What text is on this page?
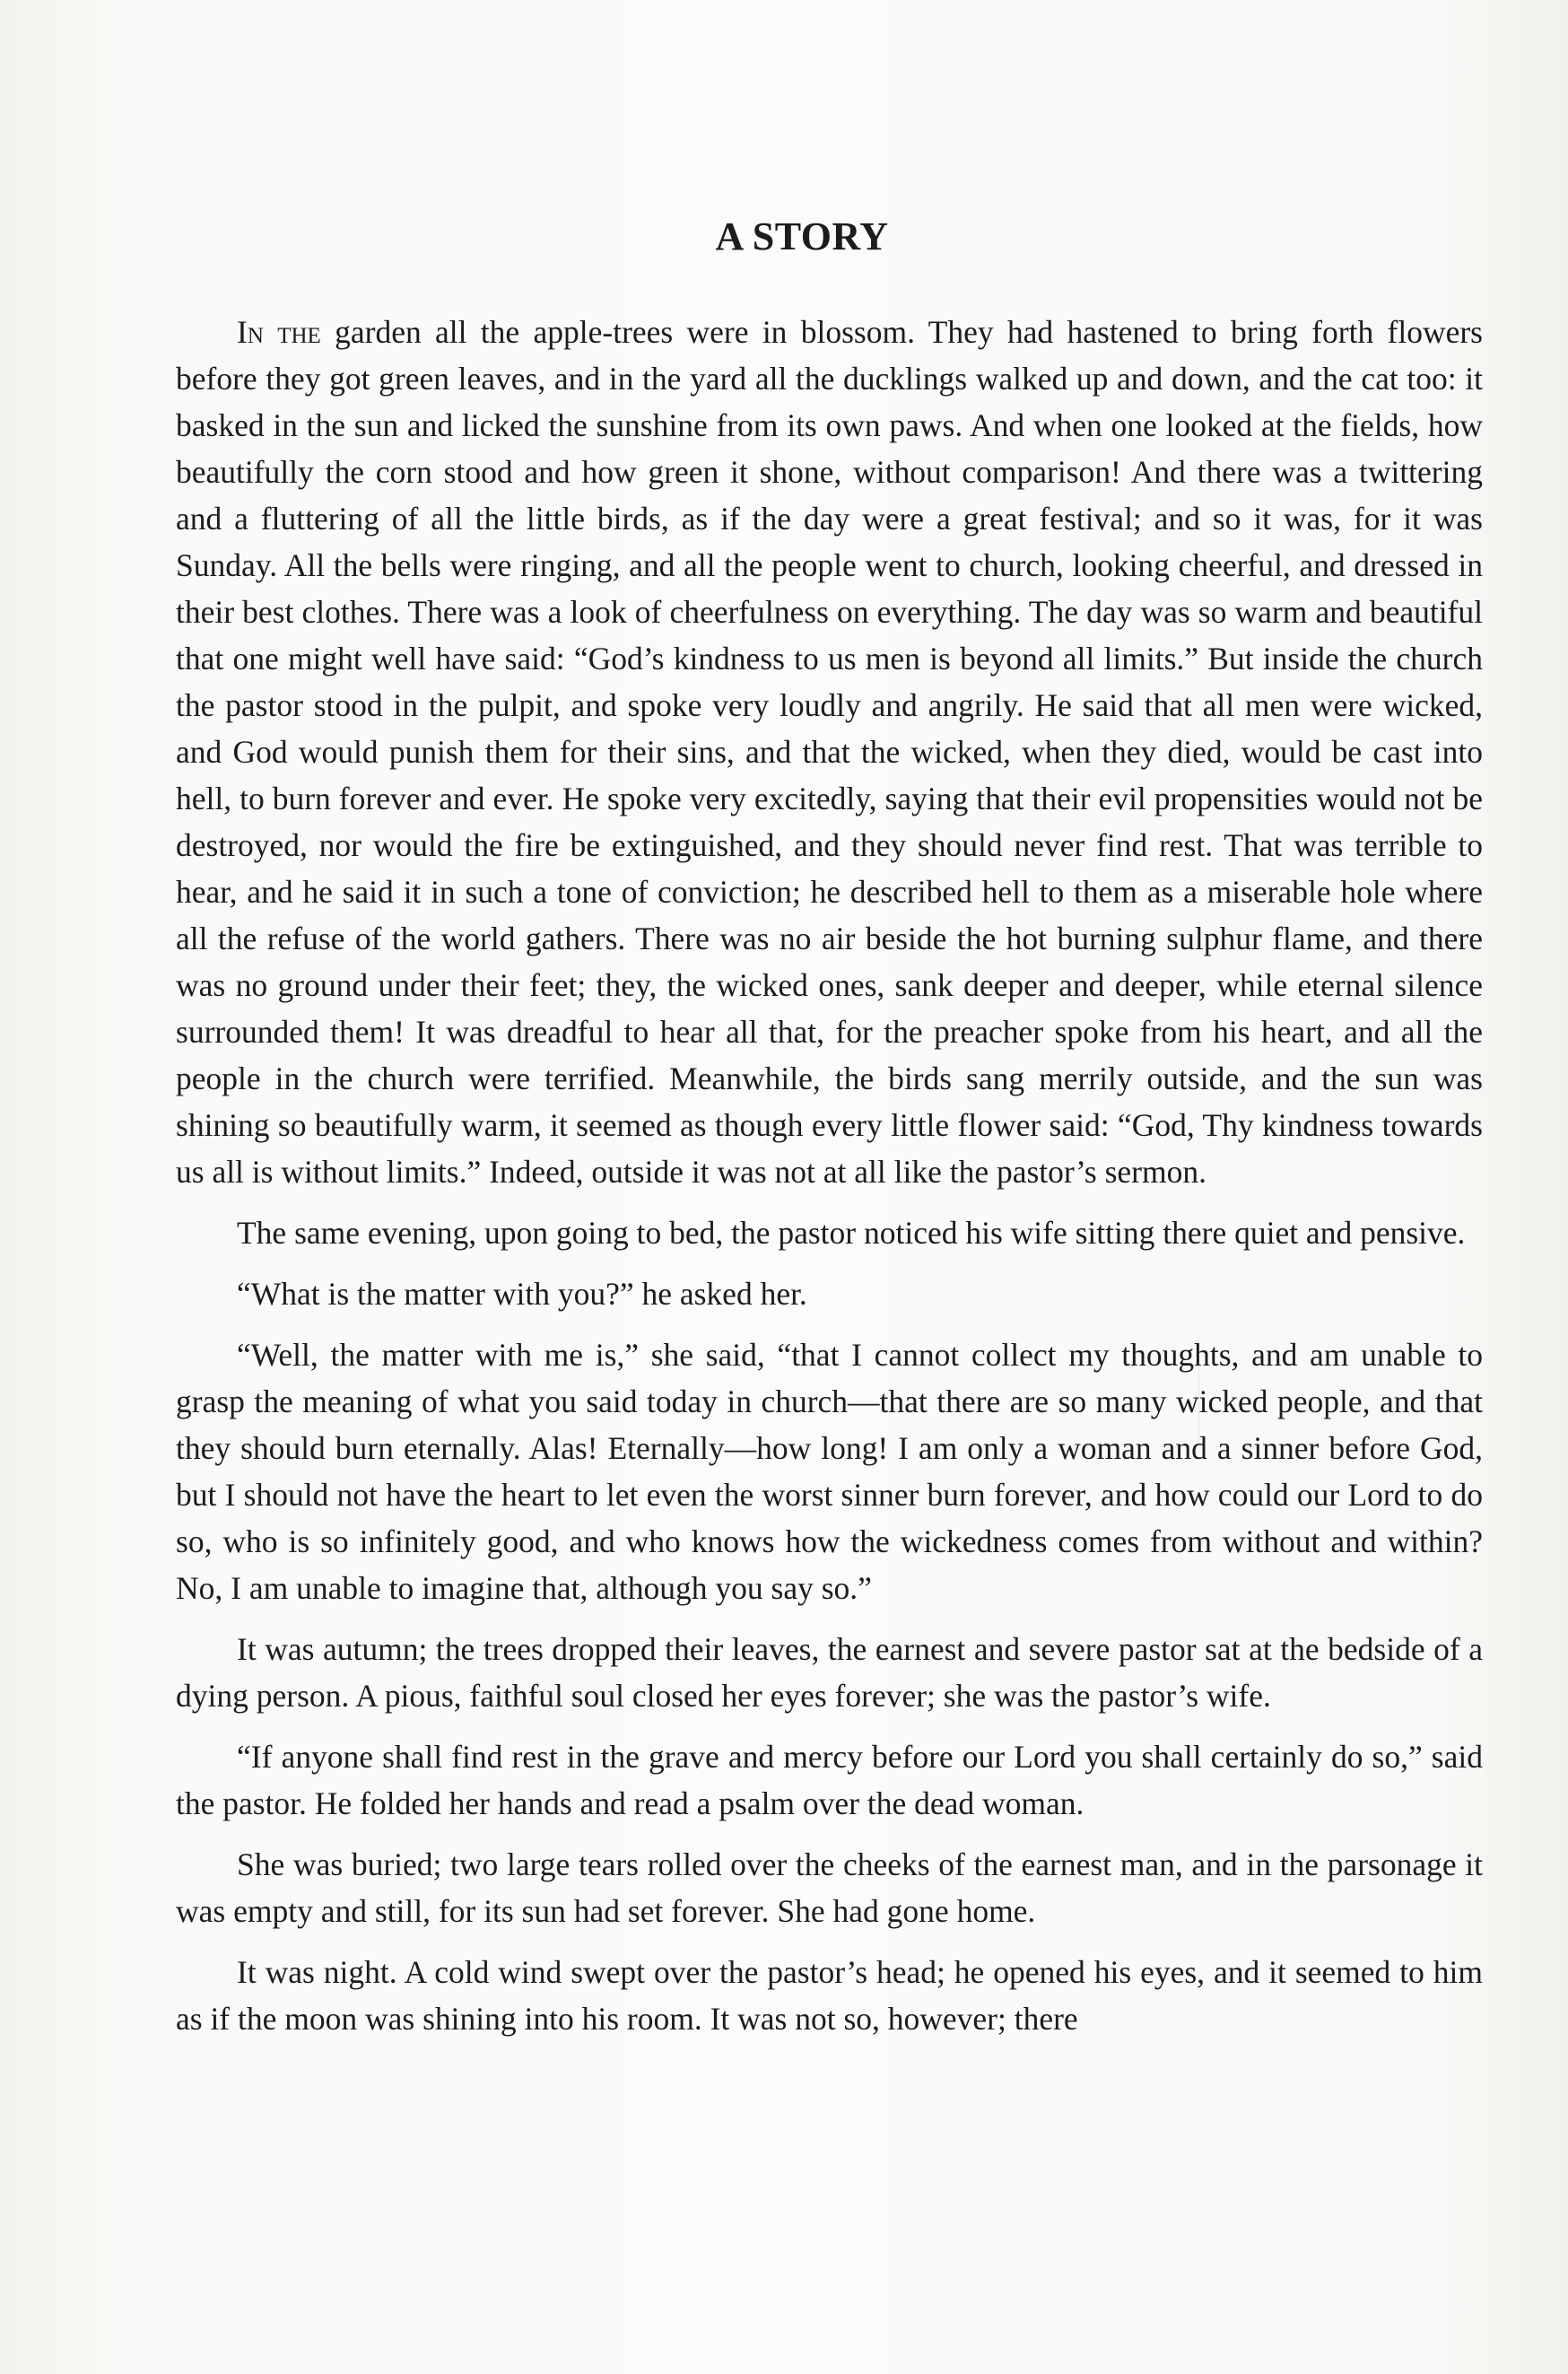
A STORY

In the garden all the apple-trees were in blossom. They had hastened to bring forth flowers before they got green leaves, and in the yard all the ducklings walked up and down, and the cat too: it basked in the sun and licked the sunshine from its own paws. And when one looked at the fields, how beautifully the corn stood and how green it shone, without comparison! And there was a twittering and a fluttering of all the little birds, as if the day were a great festival; and so it was, for it was Sunday. All the bells were ringing, and all the people went to church, looking cheerful, and dressed in their best clothes. There was a look of cheerfulness on everything. The day was so warm and beautiful that one might well have said: “God’s kindness to us men is beyond all limits.” But inside the church the pastor stood in the pulpit, and spoke very loudly and angrily. He said that all men were wicked, and God would punish them for their sins, and that the wicked, when they died, would be cast into hell, to burn forever and ever. He spoke very excitedly, saying that their evil propensities would not be destroyed, nor would the fire be extinguished, and they should never find rest. That was terrible to hear, and he said it in such a tone of conviction; he described hell to them as a miserable hole where all the refuse of the world gathers. There was no air beside the hot burning sulphur flame, and there was no ground under their feet; they, the wicked ones, sank deeper and deeper, while eternal silence surrounded them! It was dreadful to hear all that, for the preacher spoke from his heart, and all the people in the church were terrified. Meanwhile, the birds sang merrily outside, and the sun was shining so beautifully warm, it seemed as though every little flower said: “God, Thy kindness towards us all is without limits.” Indeed, outside it was not at all like the pastor’s sermon.

The same evening, upon going to bed, the pastor noticed his wife sitting there quiet and pensive.

“What is the matter with you?” he asked her.

“Well, the matter with me is,” she said, “that I cannot collect my thoughts, and am unable to grasp the meaning of what you said today in church—that there are so many wicked people, and that they should burn eternally. Alas! Eternally—how long! I am only a woman and a sinner before God, but I should not have the heart to let even the worst sinner burn forever, and how could our Lord to do so, who is so infinitely good, and who knows how the wickedness comes from without and within? No, I am unable to imagine that, although you say so.”

It was autumn; the trees dropped their leaves, the earnest and severe pastor sat at the bedside of a dying person. A pious, faithful soul closed her eyes forever; she was the pastor’s wife.

“If anyone shall find rest in the grave and mercy before our Lord you shall certainly do so,” said the pastor. He folded her hands and read a psalm over the dead woman.

She was buried; two large tears rolled over the cheeks of the earnest man, and in the parsonage it was empty and still, for its sun had set forever. She had gone home.

It was night. A cold wind swept over the pastor’s head; he opened his eyes, and it seemed to him as if the moon was shining into his room. It was not so, however; there
